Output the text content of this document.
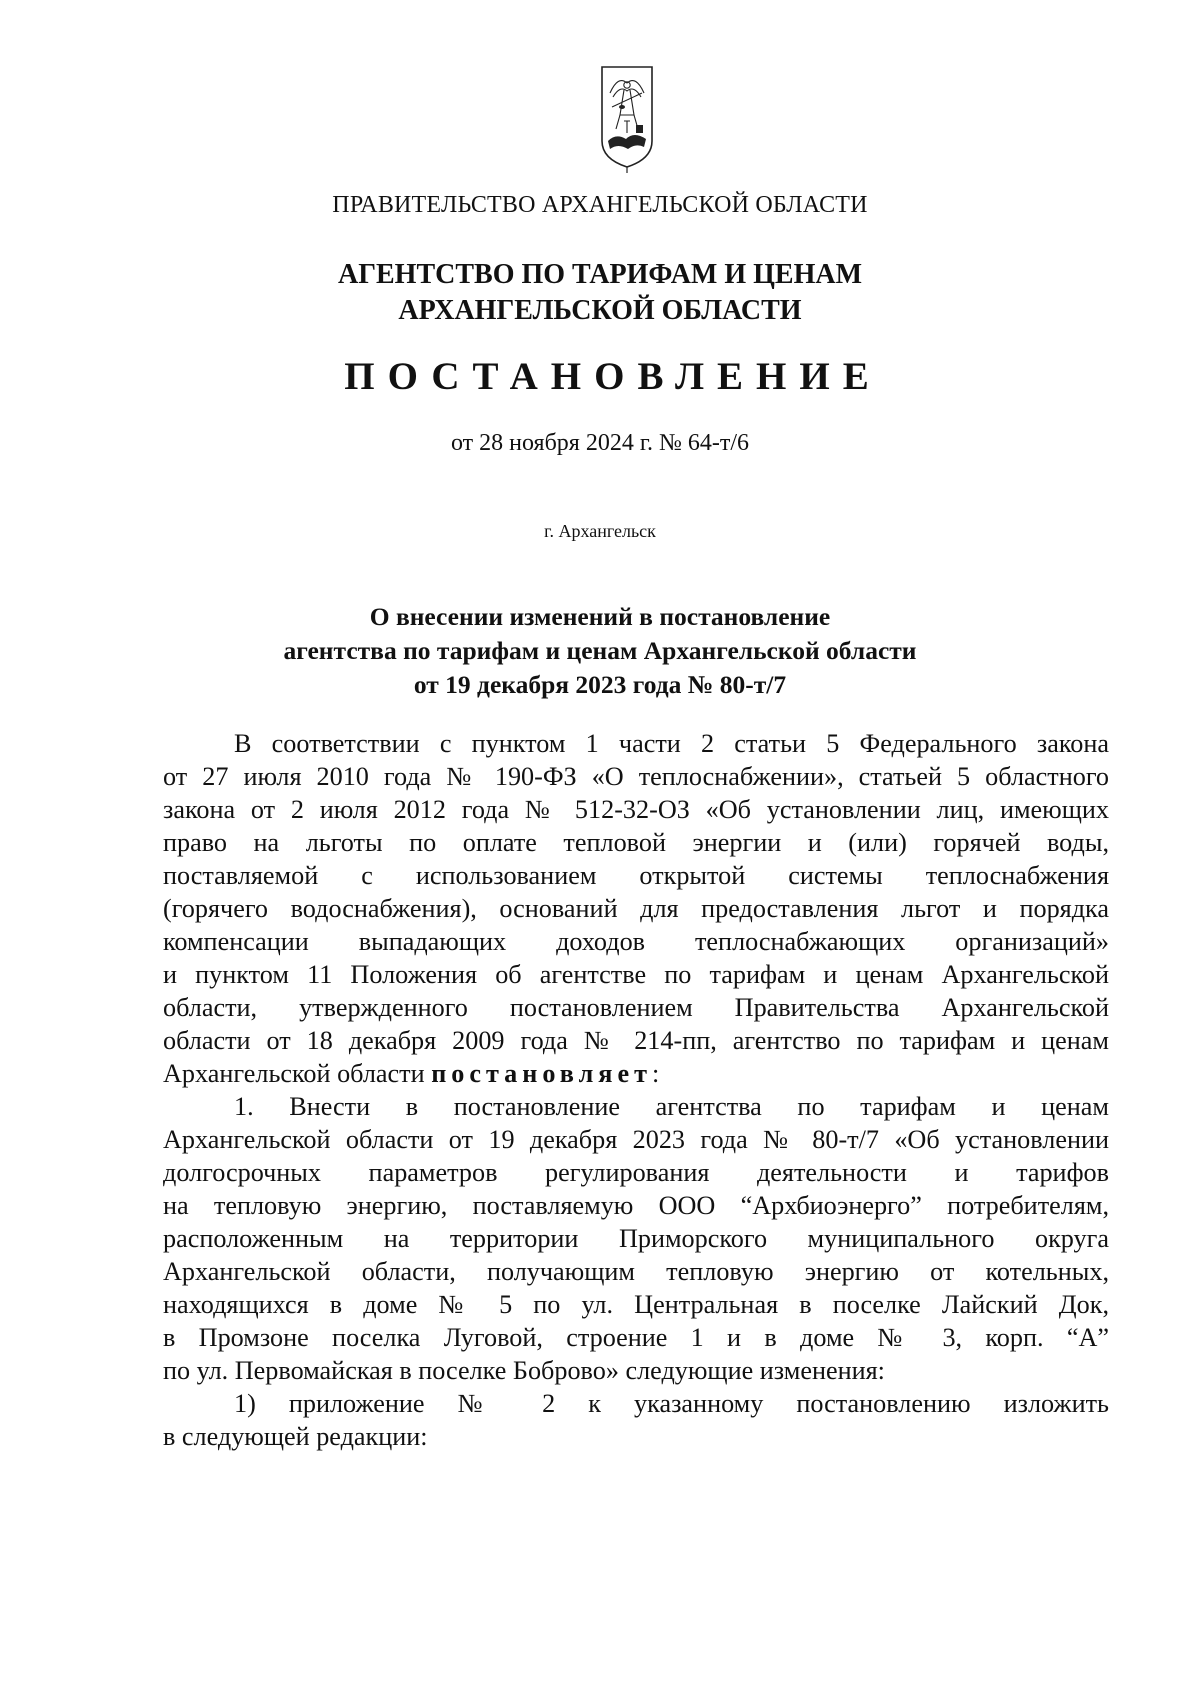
ПРАВИТЕЛЬСТВО АРХАНГЕЛЬСКОЙ ОБЛАСТИ
АГЕНТСТВО ПО ТАРИФАМ И ЦЕНАМ
АРХАНГЕЛЬСКОЙ ОБЛАСТИ
ПОСТАНОВЛЕНИЕ
от 28 ноября 2024 г. № 64-т/6
г. Архангельск
О внесении изменений в постановление
агентства по тарифам и ценам Архангельской области
от 19 декабря 2023 года № 80-т/7
В соответствии с пунктом 1 части 2 статьи 5 Федерального закона
от 27 июля 2010 года № 190-ФЗ «О теплоснабжении», статьей 5 областного
закона от 2 июля 2012 года № 512-32-ОЗ «Об установлении лиц, имеющих
право на льготы по оплате тепловой энергии и (или) горячей воды,
поставляемой с использованием открытой системы теплоснабжения
(горячего водоснабжения), оснований для предоставления льгот и порядка
компенсации выпадающих доходов теплоснабжающих организаций»
и пунктом 11 Положения об агентстве по тарифам и ценам Архангельской
области, утвержденного постановлением Правительства Архангельской
области от 18 декабря 2009 года № 214-пп, агентство по тарифам и ценам
Архангельской области постановляет:
1. Внести в постановление агентства по тарифам и ценам
Архангельской области от 19 декабря 2023 года № 80-т/7 «Об установлении
долгосрочных параметров регулирования деятельности и тарифов
на тепловую энергию, поставляемую ООО “Архбиоэнерго” потребителям,
расположенным на территории Приморского муниципального округа
Архангельской области, получающим тепловую энергию от котельных,
находящихся в доме № 5 по ул. Центральная в поселке Лайский Док,
в Промзоне поселка Луговой, строение 1 и в доме № 3, корп. “А”
по ул. Первомайская в поселке Боброво» следующие изменения:
1) приложение № 2 к указанному постановлению изложить
в следующей редакции:
